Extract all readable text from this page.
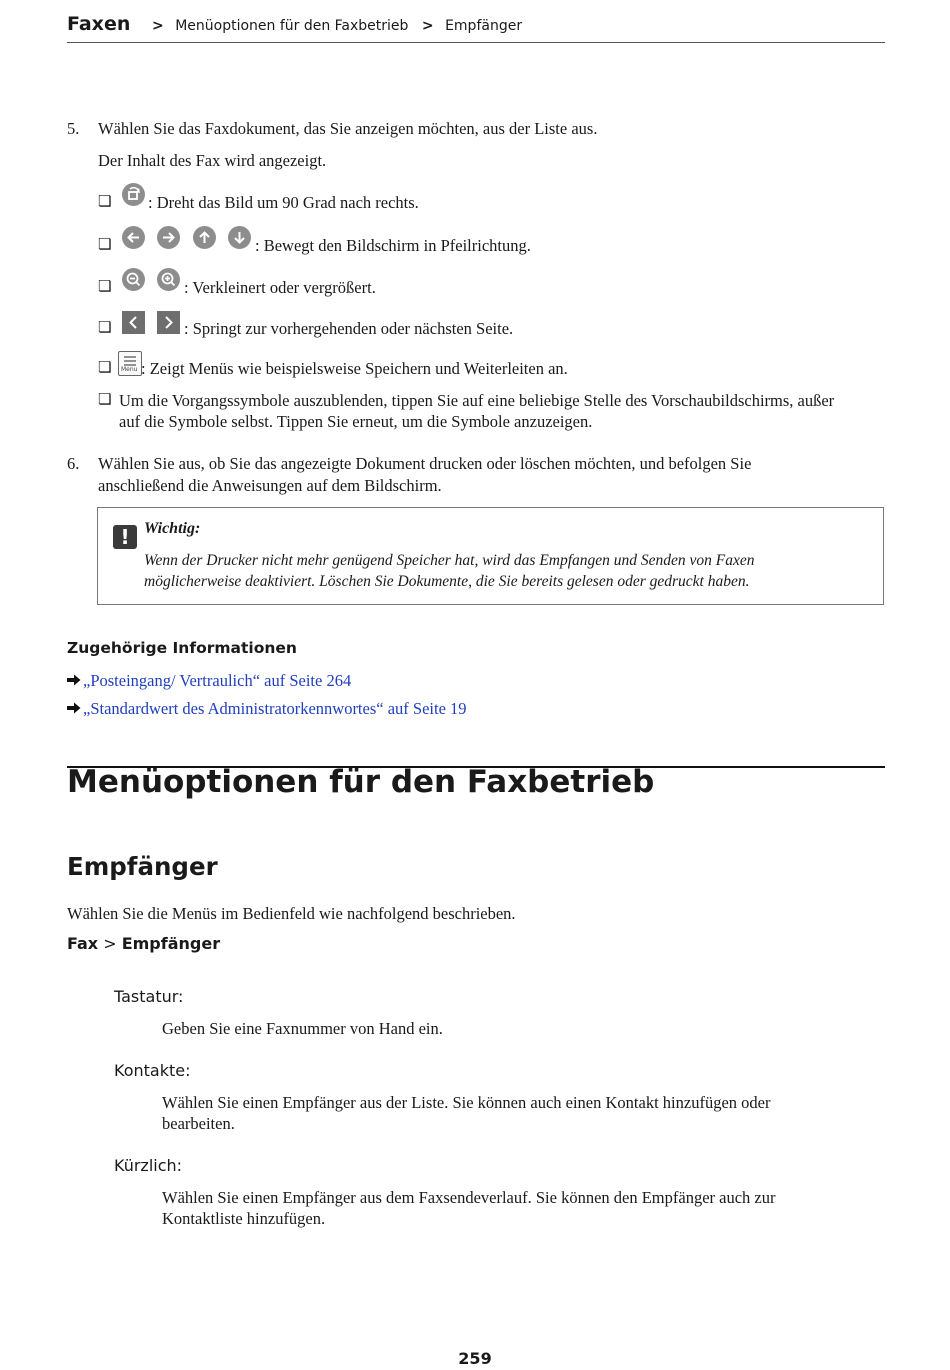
Faxen > Menüoptionen für den Faxbetrieb > Empfänger
5. Wählen Sie das Faxdokument, das Sie anzeigen möchten, aus der Liste aus.
Der Inhalt des Fax wird angezeigt.
❏ : Dreht das Bild um 90 Grad nach rechts.
❏	: Bewegt den Bildschirm in Pfeilrichtung.
❏	: Verkleinert oder vergrößert.
❏	: Springt zur vorhergehenden oder nächsten Seite.
❏ Menu : Zeigt Menüs wie beispielsweise Speichern und Weiterleiten an.
❏ Um die Vorgangssymbole auszublenden, tippen Sie auf eine beliebige Stelle des Vorschaubildschirms, außer
auf die Symbole selbst. Tippen Sie erneut, um die Symbole anzuzeigen.
6. Wählen Sie aus, ob Sie das angezeigte Dokument drucken oder löschen möchten, und befolgen Sie
anschließend die Anweisungen auf dem Bildschirm.
! Wichtig:
Wenn der Drucker nicht mehr genügend Speicher hat, wird das Empfangen und Senden von Faxen
möglicherweise deaktiviert. Löschen Sie Dokumente, die Sie bereits gelesen oder gedruckt haben.
Zugehörige Informationen
„Posteingang/ Vertraulich“ auf Seite 264
„Standardwert des Administratorkennwortes“ auf Seite 19
Menüoptionen für den Faxbetrieb
Empfänger
Wählen Sie die Menüs im Bedienfeld wie nachfolgend beschrieben.
Fax > Empfänger
Tastatur:
Geben Sie eine Faxnummer von Hand ein.
Kontakte:
Wählen Sie einen Empfänger aus der Liste. Sie können auch einen Kontakt hinzufügen oder
bearbeiten.
Kürzlich:
Wählen Sie einen Empfänger aus dem Faxsendeverlauf. Sie können den Empfänger auch zur
Kontaktliste hinzufügen.
259
